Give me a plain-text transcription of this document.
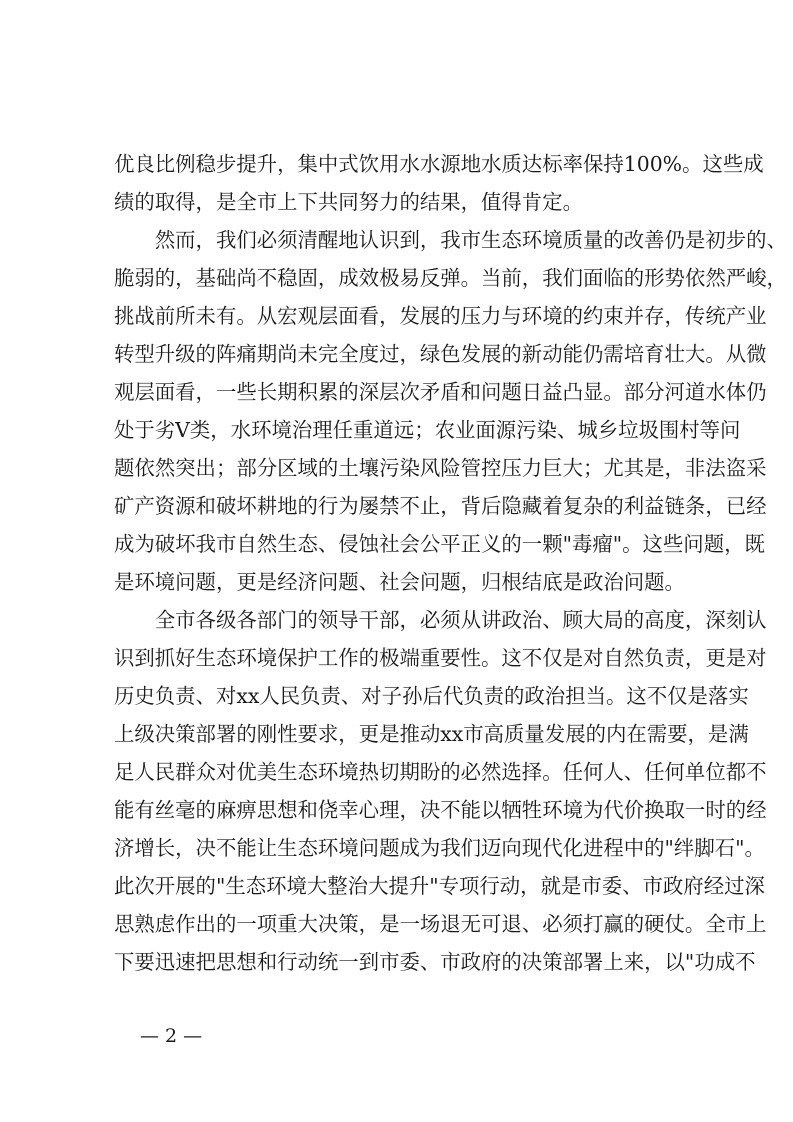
优良比例稳步提升，集中式饮用水水源地水质达标率保持100%。这些成
绩的取得，是全市上下共同努力的结果，值得肯定。
　　然而，我们必须清醒地认识到，我市生态环境质量的改善仍是初步的、
脆弱的，基础尚不稳固，成效极易反弹。当前，我们面临的形势依然严峻，
挑战前所未有。从宏观层面看，发展的压力与环境的约束并存，传统产业
转型升级的阵痛期尚未完全度过，绿色发展的新动能仍需培育壮大。从微
观层面看，一些长期积累的深层次矛盾和问题日益凸显。部分河道水体仍
处于劣Ⅴ类，水环境治理任重道远；农业面源污染、城乡垃圾围村等问
题依然突出；部分区域的土壤污染风险管控压力巨大；尤其是，非法盗采
矿产资源和破坏耕地的行为屡禁不止，背后隐藏着复杂的利益链条，已经
成为破坏我市自然生态、侵蚀社会公平正义的一颗"毒瘤"。这些问题，既
是环境问题，更是经济问题、社会问题，归根结底是政治问题。
　　全市各级各部门的领导干部，必须从讲政治、顾大局的高度，深刻认
识到抓好生态环境保护工作的极端重要性。这不仅是对自然负责，更是对
历史负责、对xx人民负责、对子孙后代负责的政治担当。这不仅是落实
上级决策部署的刚性要求，更是推动xx市高质量发展的内在需要，是满
足人民群众对优美生态环境热切期盼的必然选择。任何人、任何单位都不
能有丝毫的麻痹思想和侥幸心理，决不能以牺牲环境为代价换取一时的经
济增长，决不能让生态环境问题成为我们迈向现代化进程中的"绊脚石"。
此次开展的"生态环境大整治大提升"专项行动，就是市委、市政府经过深
思熟虑作出的一项重大决策，是一场退无可退、必须打赢的硬仗。全市上
下要迅速把思想和行动统一到市委、市政府的决策部署上来，以"功成不
— 2 —
